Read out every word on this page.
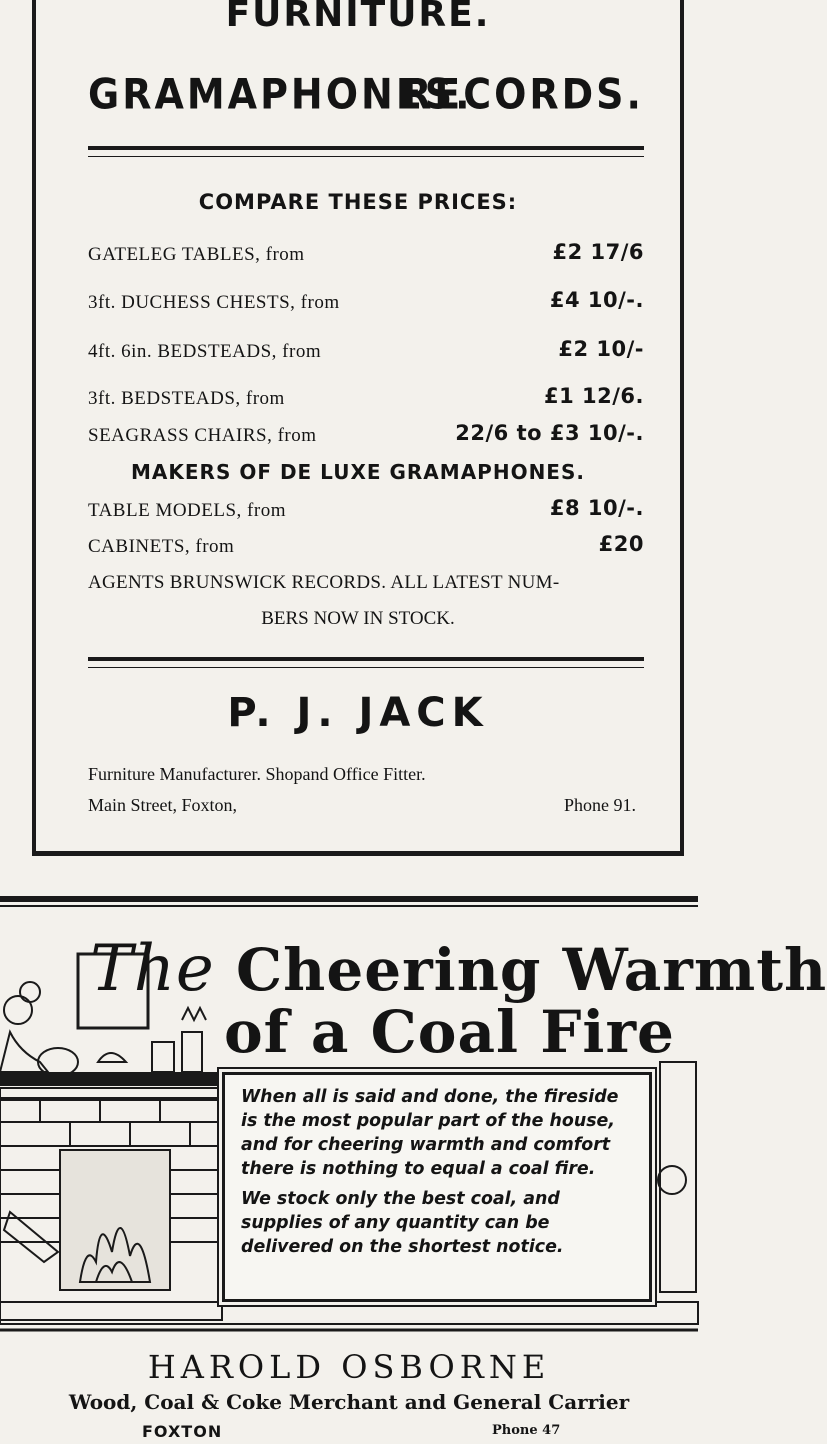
FURNITURE.
GRAMAPHONES.
RECORDS.
COMPARE THESE PRICES:
GATELEG TABLES, from	£2 17/6
3ft. DUCHESS CHESTS, from	£4 10/-.
4ft. 6in. BEDSTEADS, from	£2 10/-
3ft. BEDSTEADS, from	£1 12/6.
SEAGRASS CHAIRS, from	22/6 to £3 10/-.
MAKERS OF DE LUXE GRAMAPHONES.
TABLE MODELS, from	£8 10/-.
CABINETS, from	£20
AGENTS BRUNSWICK RECORDS. ALL LATEST NUM-
BERS NOW IN STOCK.
P. J. JACK
Furniture Manufacturer. Shopand Office Fitter.
Main Street, Foxton,	Phone 91.
The Cheering Warmth
of a Coal Fire

When all is said and done, the fireside is the most popular part of the house, and for cheering warmth and comfort there is nothing to equal a coal fire.

We stock only the best coal, and supplies of any quantity can be delivered on the shortest notice.

HAROLD OSBORNE
Wood, Coal & Coke Merchant and General Carrier
FOXTON	Phone 47
